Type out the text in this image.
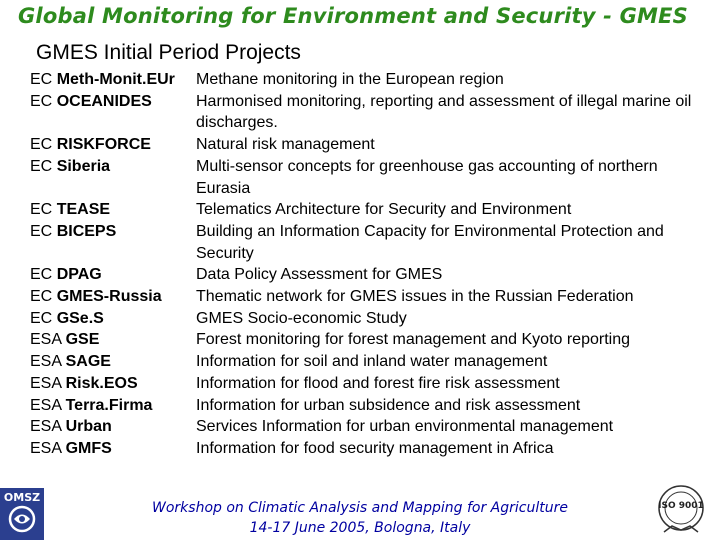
Global Monitoring for Environment and Security - GMES
GMES Initial Period Projects
EC Meth-Monit.EUr	Methane monitoring in the European region
EC OCEANIDES	Harmonised monitoring, reporting and assessment of illegal marine oil discharges.
EC RISKFORCE	Natural risk management
EC Siberia	Multi-sensor concepts for greenhouse gas accounting of northern Eurasia
EC TEASE	Telematics Architecture for Security and Environment
EC BICEPS	Building an Information Capacity for Environmental Protection and Security
EC DPAG	Data Policy Assessment for GMES
EC GMES-Russia	Thematic network for GMES issues in the Russian Federation
EC GSe.S	GMES Socio-economic Study
ESA GSE	Forest monitoring for forest management and Kyoto reporting
ESA SAGE	Information for soil and inland water management
ESA Risk.EOS	Information for flood and forest fire risk assessment
ESA Terra.Firma	Information for urban subsidence and risk assessment
ESA Urban	Services Information for urban environmental management
ESA GMFS	Information for food security management in Africa
OMSZ
Workshop on Climatic Analysis and Mapping for Agriculture
14-17 June 2005, Bologna, Italy
ISO 9001
